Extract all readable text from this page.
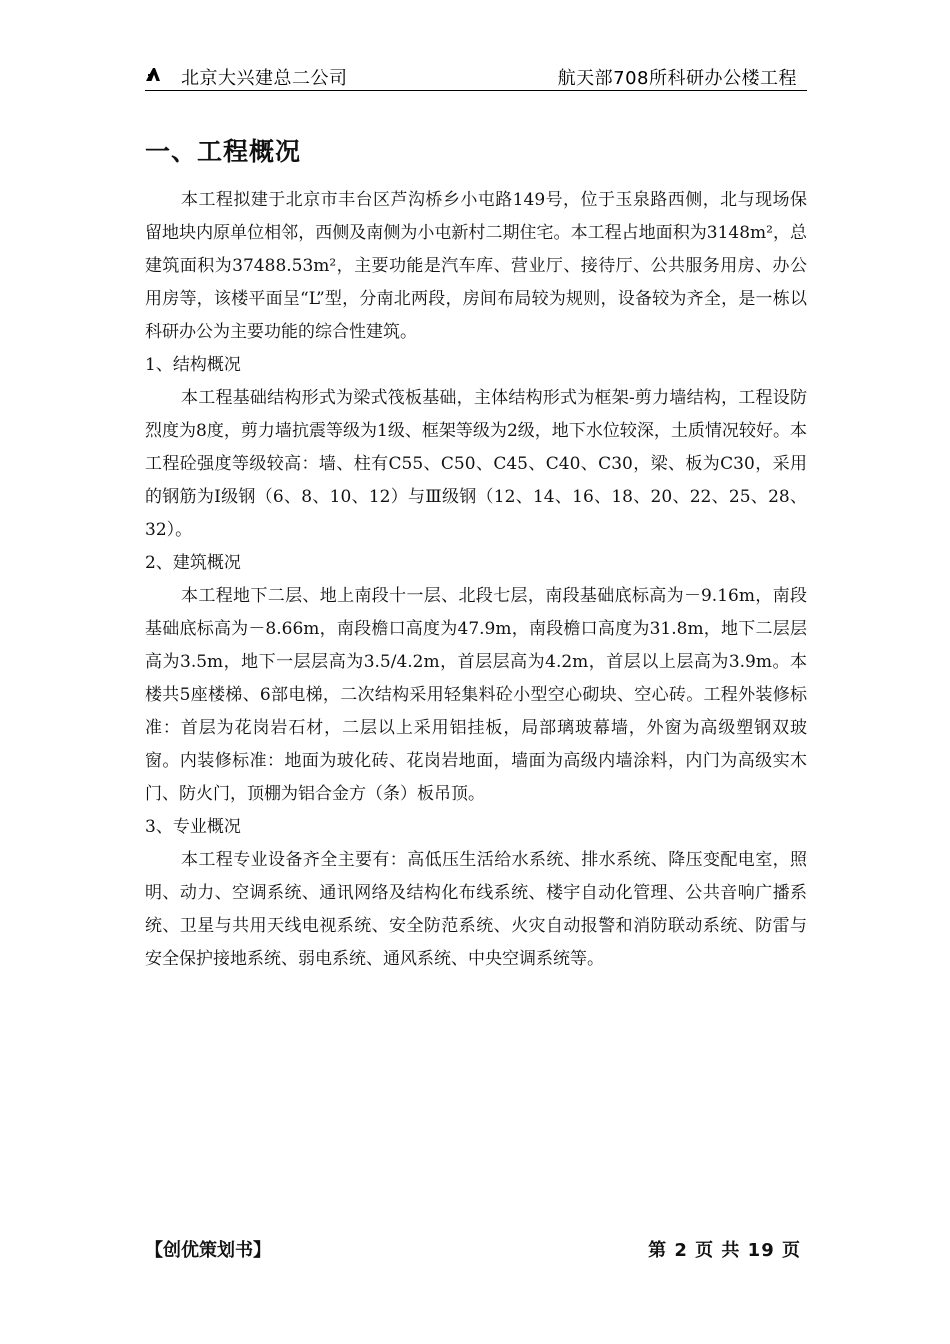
北京大兴建总二公司	航天部708所科研办公楼工程
一、工程概况

本工程拟建于北京市丰台区芦沟桥乡小屯路149号，位于玉泉路西侧，北与现场保留地块内原单位相邻，西侧及南侧为小屯新村二期住宅。本工程占地面积为3148m²，总建筑面积为37488.53m²，主要功能是汽车库、营业厅、接待厅、公共服务用房、办公用房等，该楼平面呈“L”型，分南北两段，房间布局较为规则，设备较为齐全，是一栋以科研办公为主要功能的综合性建筑。

1、结构概况

本工程基础结构形式为梁式筏板基础，主体结构形式为框架-剪力墙结构，工程设防烈度为8度，剪力墙抗震等级为1级、框架等级为2级，地下水位较深，土质情况较好。本工程砼强度等级较高：墙、柱有C55、C50、C45、C40、C30，梁、板为C30，采用的钢筋为Ⅰ级钢（6、8、10、12）与Ⅲ级钢（12、14、16、18、20、22、25、28、32）。

2、建筑概况

本工程地下二层、地上南段十一层、北段七层，南段基础底标高为－9.16m，南段基础底标高为－8.66m，南段檐口高度为47.9m，南段檐口高度为31.8m，地下二层层高为3.5m，地下一层层高为3.5/4.2m，首层层高为4.2m，首层以上层高为3.9m。本楼共5座楼梯、6部电梯，二次结构采用轻集料砼小型空心砌块、空心砖。工程外装修标准：首层为花岗岩石材，二层以上采用铝挂板，局部璃玻幕墙，外窗为高级塑钢双玻窗。内装修标准：地面为玻化砖、花岗岩地面，墙面为高级内墙涂料，内门为高级实木门、防火门，顶棚为铝合金方（条）板吊顶。

3、专业概况

本工程专业设备齐全主要有：高低压生活给水系统、排水系统、降压变配电室，照明、动力、空调系统、通讯网络及结构化布线系统、楼宇自动化管理、公共音响广播系统、卫星与共用天线电视系统、安全防范系统、火灾自动报警和消防联动系统、防雷与安全保护接地系统、弱电系统、通风系统、中央空调系统等。

【创优策划书】	第 2 页 共 19 页
